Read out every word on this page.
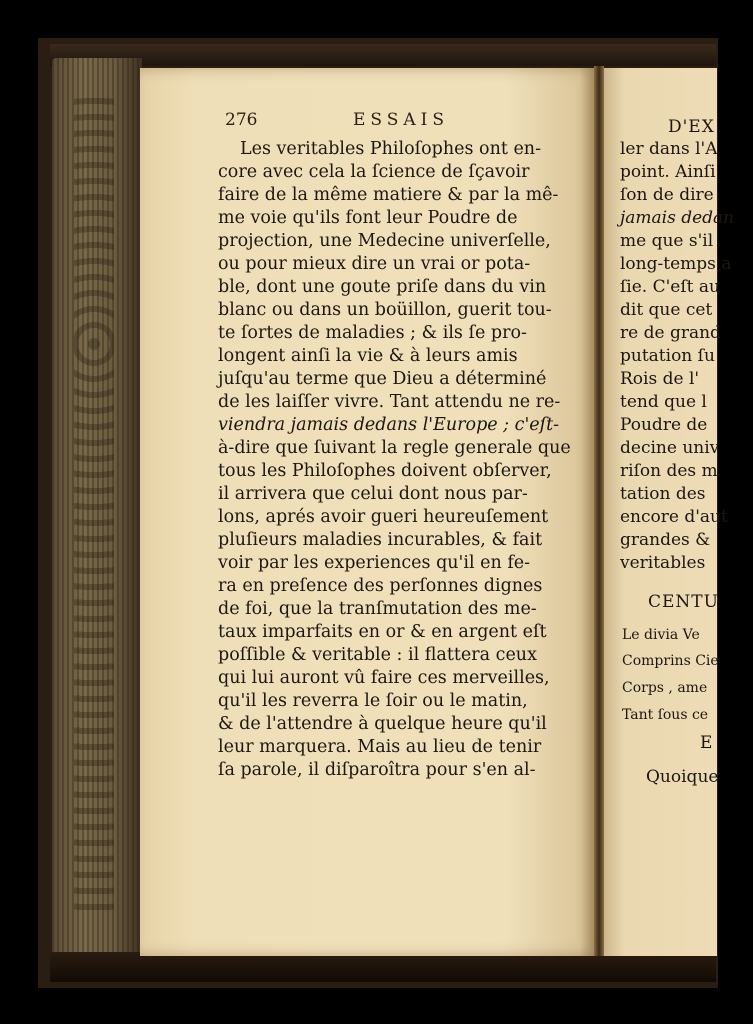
276	ESSAIS
Les veritables Philoſophes ont en-
core avec cela la ſcience de ſçavoir
faire de la même matiere & par la mê-
me voie qu'ils font leur Poudre de
projection, une Medecine univerſelle,
ou pour mieux dire un vrai or pota-
ble, dont une goute priſe dans du vin
blanc ou dans un boüillon, guerit tou-
te ſortes de maladies ; & ils ſe pro-
longent ainſi la vie & à leurs amis
juſqu'au terme que Dieu a déterminé
de les laiſſer vivre. Tant attendu ne re-
viendra jamais dedans l'Europe ; c'eſt-
à-dire que ſuivant la regle generale que
tous les Philoſophes doivent obſerver,
il arrivera que celui dont nous par-
lons, aprés avoir gueri heureuſement
pluſieurs maladies incurables, & fait
voir par les experiences qu'il en fe-
ra en preſence des perſonnes dignes
de foi, que la tranſmutation des me-
taux imparfaits en or & en argent eſt
poſſible & veritable : il flattera ceux
qui lui auront vû faire ces merveilles,
qu'il les reverra le ſoir ou le matin,
& de l'attendre à quelque heure qu'il
leur marquera. Mais au lieu de tenir
ſa parole, il diſparoîtra pour s'en al-
D'EX
ler dans l'A
point. Ainſi
ſon de dire
jamais dedan
me que s'il
long-temps a
ſie. C'eſt au
dit que cet
re de grand
putation ſu
Rois de l'
tend que l
Poudre de
decine univ
riſon des m
tation des
encore d'aut
grandes &
veritables
CENTU
Le divia Ve
Comprins Cie
Corps , ame
Tant ſous ce
E
Quoique
